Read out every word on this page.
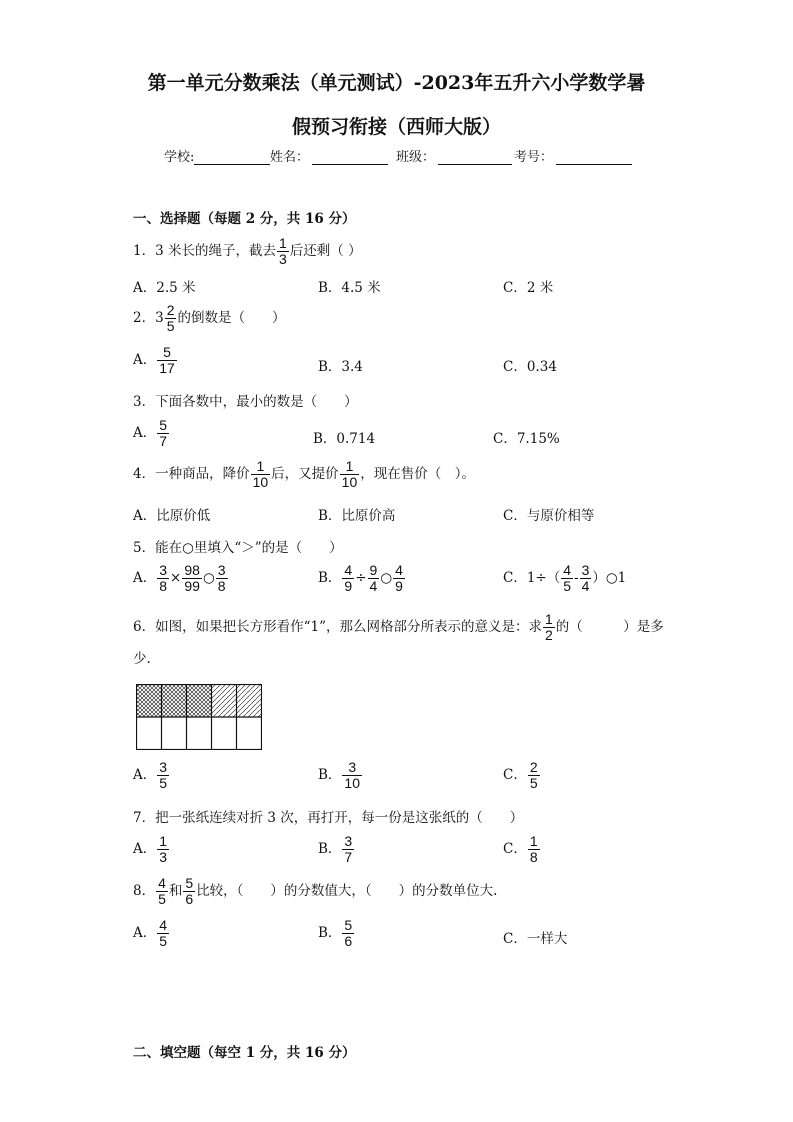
第一单元分数乘法（单元测试）-2023年五升六小学数学暑
假预习衔接（西师大版）
学校:	姓名：	班级：	考号：
一、选择题（每题 2 分，共 16 分）
1．3 米长的绳子，截去 $\frac{1}{3}$ 后还剩（ ）
A．2.5 米	B．4.5 米	C．2 米
2．$3 \frac{2}{5}$ 的倒数是（　　）
A． $\frac{5}{17}$	B．3.4	C．0.34
3．下面各数中，最小的数是（　　）
A． $\frac{5}{7}$	B．0.714	C．7.15%
4．一种商品，降价 $\frac{1}{10}$ 后，又提价 $\frac{1}{10}$ ，现在售价（　）。
A．比原价低	B．比原价高	C．与原价相等
5．能在○里填入“＞”的是（　　）
A． $\frac{3}{8} \times \frac{98}{99}$ ○ $\frac{3}{8}$	B． $\frac{4}{9} \div \frac{9}{4}$ ○ $\frac{4}{9}$	C．$1\div( \frac{4}{5} - \frac{3}{4}$ ）○1
6．如图，如果把长方形看作“1”，那么网格部分所表示的意义是：求 $\frac{1}{2}$ 的（　　　）是多
少.
A． $\frac{3}{5}$	B． $\frac{3}{10}$	C． $\frac{2}{5}$
7．把一张纸连续对折 3 次，再打开，每一份是这张纸的（　　）
A． $\frac{1}{3}$	B． $\frac{3}{7}$	C． $\frac{1}{8}$
8． $\frac{4}{5}$ 和 $\frac{5}{6}$ 比较，（　　）的分数值大，（　　）的分数单位大.
A． $\frac{4}{5}$	B． $\frac{5}{6}$	C．一样大
二、填空题（每空 1 分，共 16 分）
